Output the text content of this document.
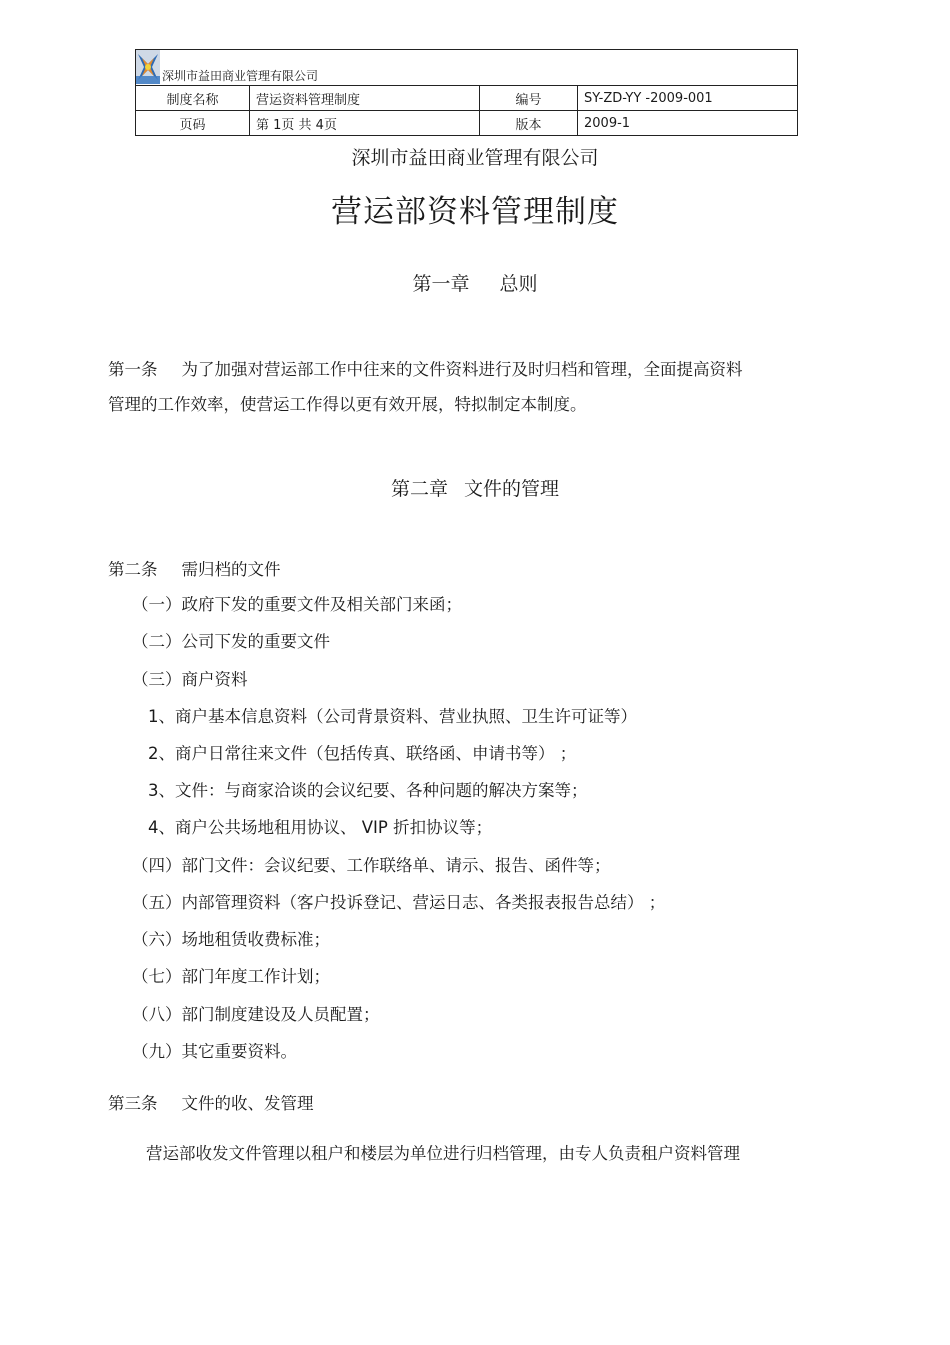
深圳市益田商业管理有限公司			
制度名称	营运资料管理制度	编号	SY-ZD-YY -2009-001
页码	第 1页 共 4页	版本	2009-1
深圳市益田商业管理有限公司
营运部资料管理制度
第一章 总则
第一条 为了加强对营运部工作中往来的文件资料进行及时归档和管理，全面提高资料
管理的工作效率，使营运工作得以更有效开展，特拟制定本制度。
第二章 文件的管理
第二条 需归档的文件
（一）政府下发的重要文件及相关部门来函；
（二）公司下发的重要文件
（三）商户资料
1、商户基本信息资料（公司背景资料、营业执照、卫生许可证等）
2、商户日常往来文件（包括传真、联络函、申请书等） ；
3、文件：与商家洽谈的会议纪要、各种问题的解决方案等；
4、商户公共场地租用协议、 VIP 折扣协议等；
（四）部门文件：会议纪要、工作联络单、请示、报告、函件等；
（五）内部管理资料（客户投诉登记、营运日志、各类报表报告总结） ；
（六）场地租赁收费标准；
（七）部门年度工作计划；
（八）部门制度建设及人员配置；
（九）其它重要资料。
第三条 文件的收、发管理
营运部收发文件管理以租户和楼层为单位进行归档管理，由专人负责租户资料管理
